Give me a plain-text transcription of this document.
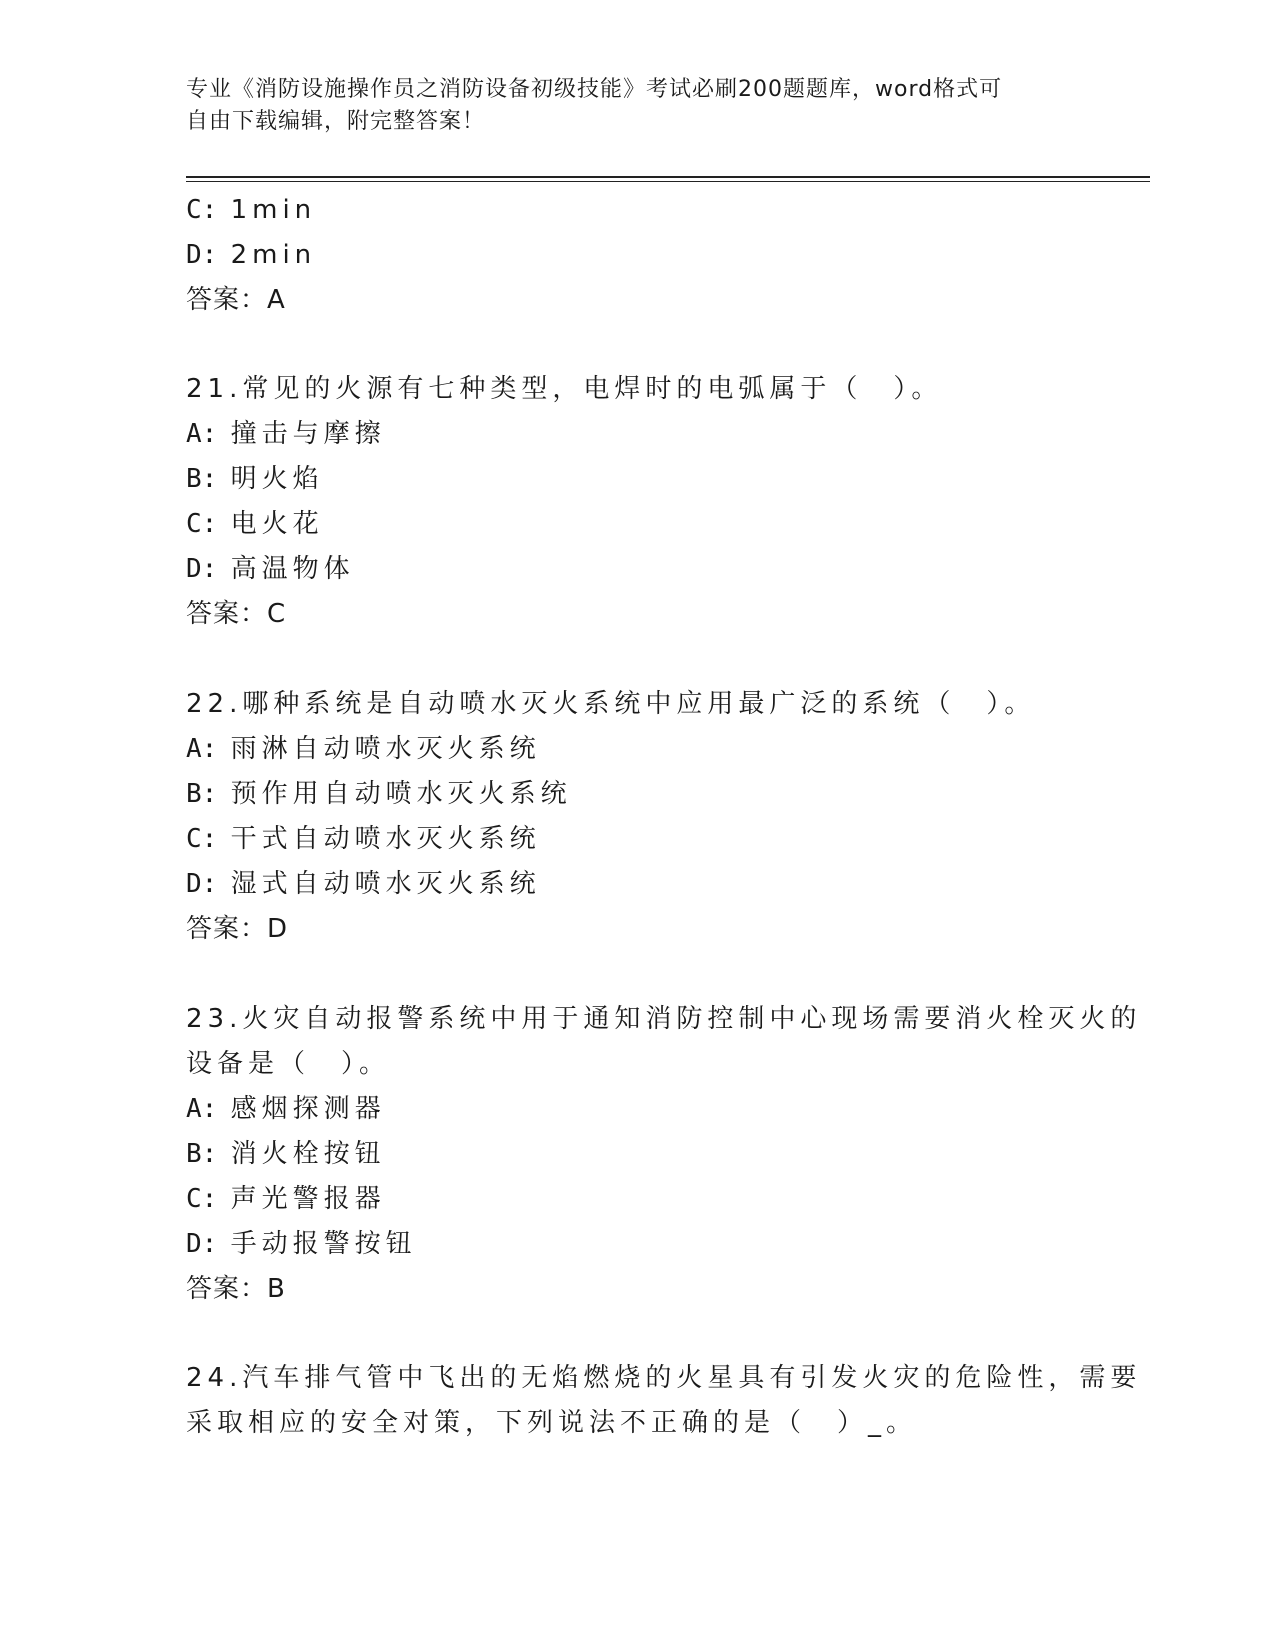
专业《消防设施操作员之消防设备初级技能》考试必刷200题题库，word格式可
自由下载编辑，附完整答案！
C: 1min
D: 2min
答案：A
21.常见的火源有七种类型，电焊时的电弧属于（　）。
A: 撞击与摩擦
B: 明火焰
C: 电火花
D: 高温物体
答案：C
22.哪种系统是自动喷水灭火系统中应用最广泛的系统（　）。
A: 雨淋自动喷水灭火系统
B: 预作用自动喷水灭火系统
C: 干式自动喷水灭火系统
D: 湿式自动喷水灭火系统
答案：D
23.火灾自动报警系统中用于通知消防控制中心现场需要消火栓灭火的
设备是（　）。
A: 感烟探测器
B: 消火栓按钮
C: 声光警报器
D: 手动报警按钮
答案：B
24.汽车排气管中飞出的无焰燃烧的火星具有引发火灾的危险性，需要
采取相应的安全对策，下列说法不正确的是（　）_。
